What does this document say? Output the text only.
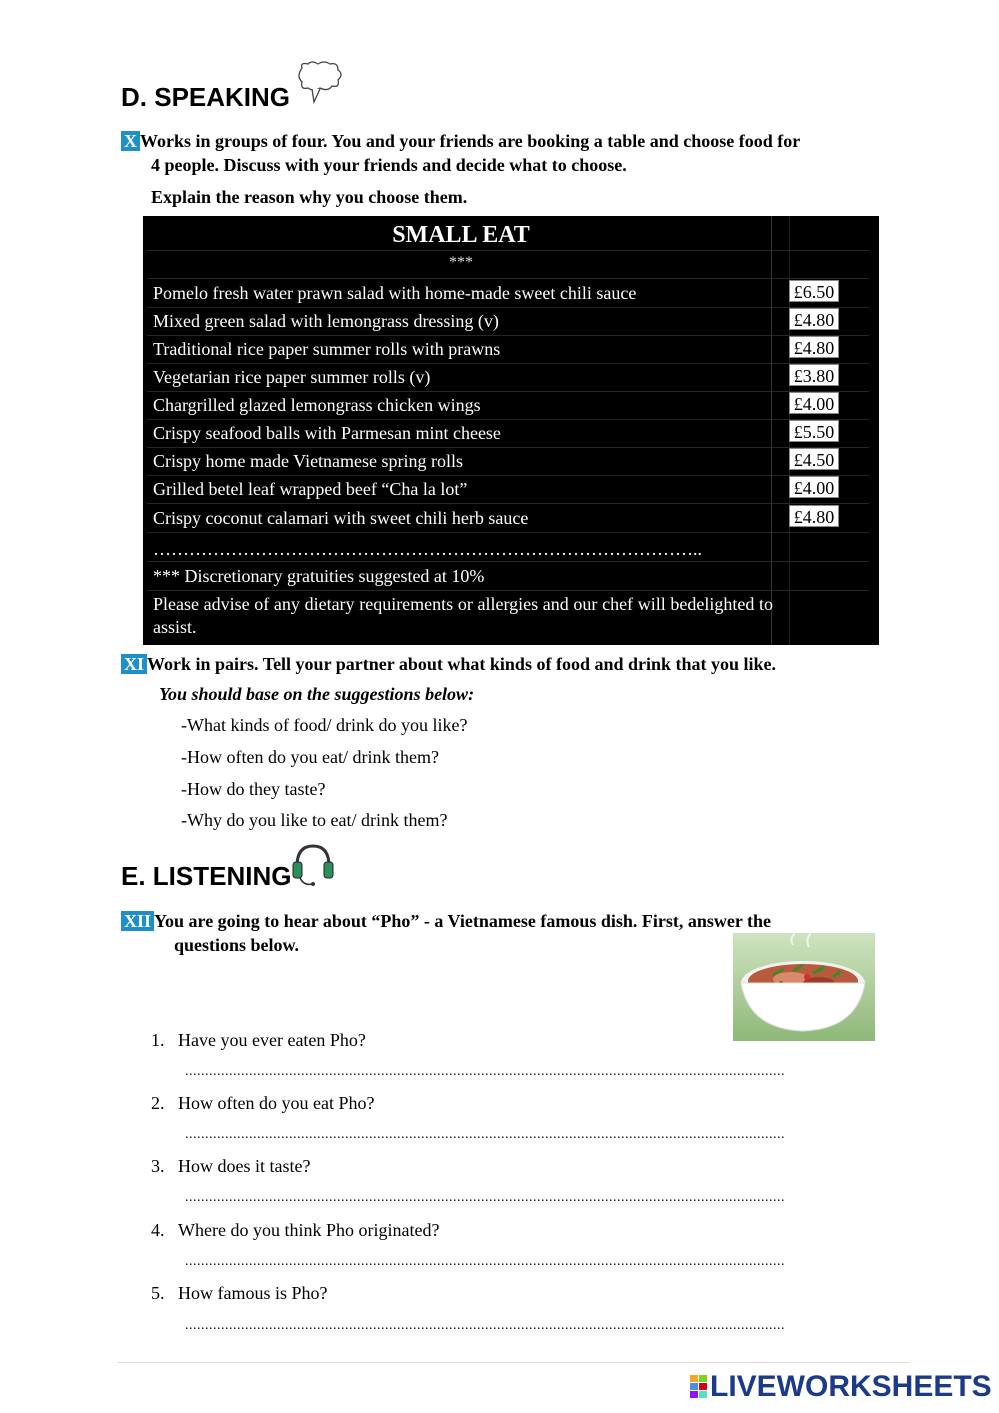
D. SPEAKING
X Works in groups of four. You and your friends are booking a table and choose food for
4 people. Discuss with your friends and decide what to choose.
Explain the reason why you choose them.
SMALL EAT
***
Pomelo fresh water prawn salad with home-made sweet chili sauce	£6.50
Mixed green salad with lemongrass dressing (v)	£4.80
Traditional rice paper summer rolls with prawns	£4.80
Vegetarian rice paper summer rolls (v)	£3.80
Chargrilled glazed lemongrass chicken wings	£4.00
Crispy seafood balls with Parmesan mint cheese	£5.50
Crispy home made Vietnamese spring rolls	£4.50
Grilled betel leaf wrapped beef “Cha la lot”	£4.00
Crispy coconut calamari with sweet chili herb sauce	£4.80
………………………………………………………………………………..
*** Discretionary gratuities suggested at 10%
Please advise of any dietary requirements or allergies and our chef will bedelighted to assist.
XI Work in pairs. Tell your partner about what kinds of food and drink that you like.
You should base on the suggestions below:
-What kinds of food/ drink do you like?
-How often do you eat/ drink them?
-How do they taste?
-Why do you like to eat/ drink them?
E. LISTENING
XII You are going to hear about “Pho” - a Vietnamese famous dish. First, answer the
questions below.
1. Have you ever eaten Pho?
......................................................................................................................................................
2. How often do you eat Pho?
......................................................................................................................................................
3. How does it taste?
......................................................................................................................................................
4. Where do you think Pho originated?
......................................................................................................................................................
5. How famous is Pho?
......................................................................................................................................................
LIVEWORKSHEETS
